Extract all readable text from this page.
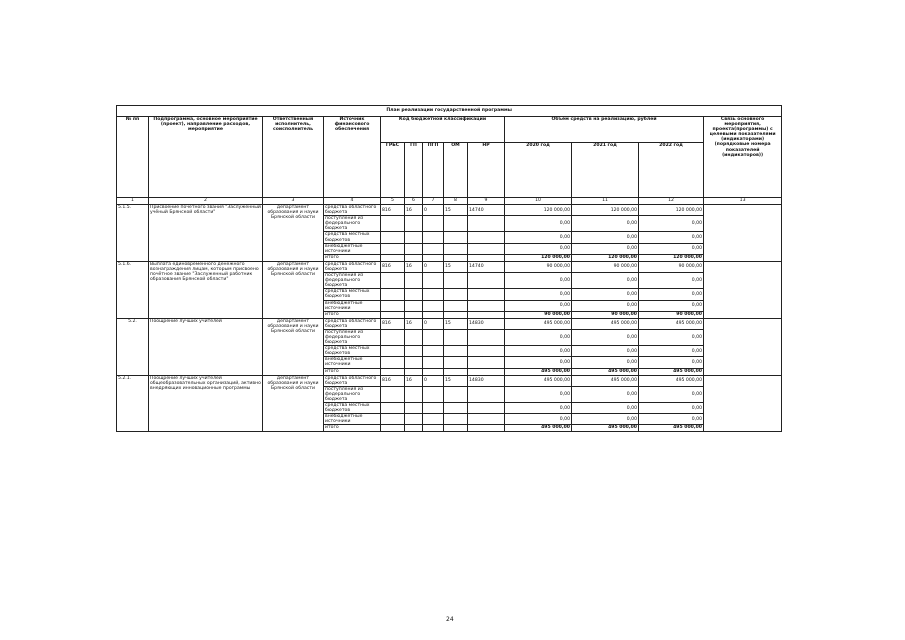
План реализации государственной программы												
№ пп	Подпрограмма, основное мероприятие (проект), направление расходов, мероприятие	Ответственный исполнитель, соисполнитель	Источник финансового обеспечения	Код бюджетной классификации					Объём средств на реализацию, рублей			Связь основного мероприятия, проекта(программы) с целевыми показателями (индикаторами) (порядковые номера показателей (индикаторов))
				ГРБС	ГП	ПГП	ОМ	НР	2020 год	2021 год	2022 год	
1	2	3	4	5	6	7	8	9	10	11	12	13
5.1.5.	Присвоение почётного звания "Заслуженный учёный Брянской области"	департамент образования и науки Брянской области	средства областного бюджета	816	16	0	15	14740	120 000,00	120 000,00	120 000,00	
			поступления из федерального бюджета						0,00	0,00	0,00	
			средства местных бюджетов						0,00	0,00	0,00	
			внебюджетные источники						0,00	0,00	0,00	
			итого						120 000,00	120 000,00	120 000,00	
5.1.6.	Выплата единовременного денежного вознаграждения лицам, которым присвоено почётное звание "Заслуженный работник образования Брянской области"	департамент образования и науки Брянской области	средства областного бюджета	816	16	0	15	14740	90 000,00	90 000,00	90 000,00	
			поступления из федерального бюджета						0,00	0,00	0,00	
			средства местных бюджетов						0,00	0,00	0,00	
			внебюджетные источники						0,00	0,00	0,00	
			итого						90 000,00	90 000,00	90 000,00	
5.2.	Поощрение лучших учителей	департамент образования и науки Брянской области	средства областного бюджета	816	16	0	15	14830	495 000,00	495 000,00	495 000,00	
			поступления из федерального бюджета						0,00	0,00	0,00	
			средства местных бюджетов						0,00	0,00	0,00	
			внебюджетные источники						0,00	0,00	0,00	
			итого						495 000,00	495 000,00	495 000,00	
5.2.1.	Поощрение лучших учителей общеобразовательных организаций, активно внедряющих инновационные программы	департамент образования и науки Брянской области	средства областного бюджета	816	16	0	15	14830	495 000,00	495 000,00	495 000,00	
			поступления из федерального бюджета						0,00	0,00	0,00	
			средства местных бюджетов						0,00	0,00	0,00	
			внебюджетные источники						0,00	0,00	0,00	
			итого						495 000,00	495 000,00	495 000,00	
24
